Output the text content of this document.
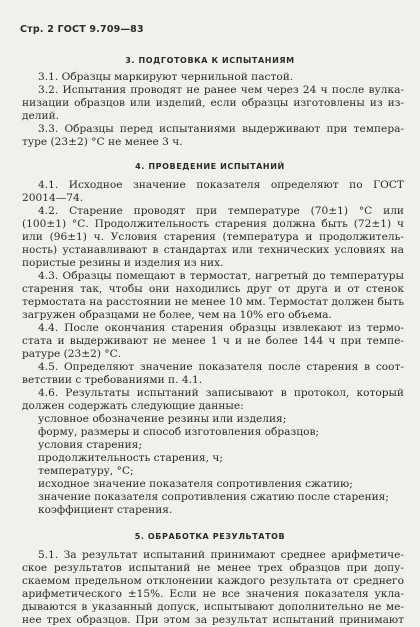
Стр. 2 ГОСТ 9.709—83
3. ПОДГОТОВКА К ИСПЫТАНИЯМ
3.1. Образцы маркируют чернильной пастой.
3.2. Испытания проводят не ранее чем через 24 ч после вулка-
низации образцов или изделий, если образцы изготовлены из из-
делий.
3.3. Образцы перед испытаниями выдерживают при темпера-
туре (23±2) °С не менее 3 ч.
4. ПРОВЕДЕНИЕ ИСПЫТАНИЙ
4.1. Исходное значение показателя определяют по ГОСТ
20014—74.
4.2. Старение проводят при температуре (70±1) °С или
(100±1) °С. Продолжительность старения должна быть (72±1) ч
или (96±1) ч. Условия старения (температура и продолжитель-
ность) устанавливают в стандартах или технических условиях на
пористые резины и изделия из них.
4.3. Образцы помещают в термостат, нагретый до температуры
старения так, чтобы они находились друг от друга и от стенок
термостата на расстоянии не менее 10 мм. Термостат должен быть
загружен образцами не более, чем на 10% его объема.
4.4. После окончания старения образцы извлекают из термо-
стата и выдерживают не менее 1 ч и не более 144 ч при темпе-
ратуре (23±2) °С.
4.5. Определяют значение показателя после старения в соот-
ветствии с требованиями п. 4.1.
4.6. Результаты испытаний записывают в протокол, который
должен содержать следующие данные:
условное обозначение резины или изделия;
форму, размеры и способ изготовления образцов;
условия старения;
продолжительность старения, ч;
температуру, °С;
исходное значение показателя сопротивления сжатию;
значение показателя сопротивления сжатию после старения;
коэффициент старения.
5. ОБРАБОТКА РЕЗУЛЬТАТОВ
5.1. За результат испытаний принимают среднее арифметиче-
ское результатов испытаний не менее трех образцов при допу-
скаемом предельном отклонении каждого результата от среднего
арифметического ±15%. Если не все значения показателя укла-
дываются в указанный допуск, испытывают дополнительно не ме-
нее трех образцов. При этом за результат испытаний принимают
